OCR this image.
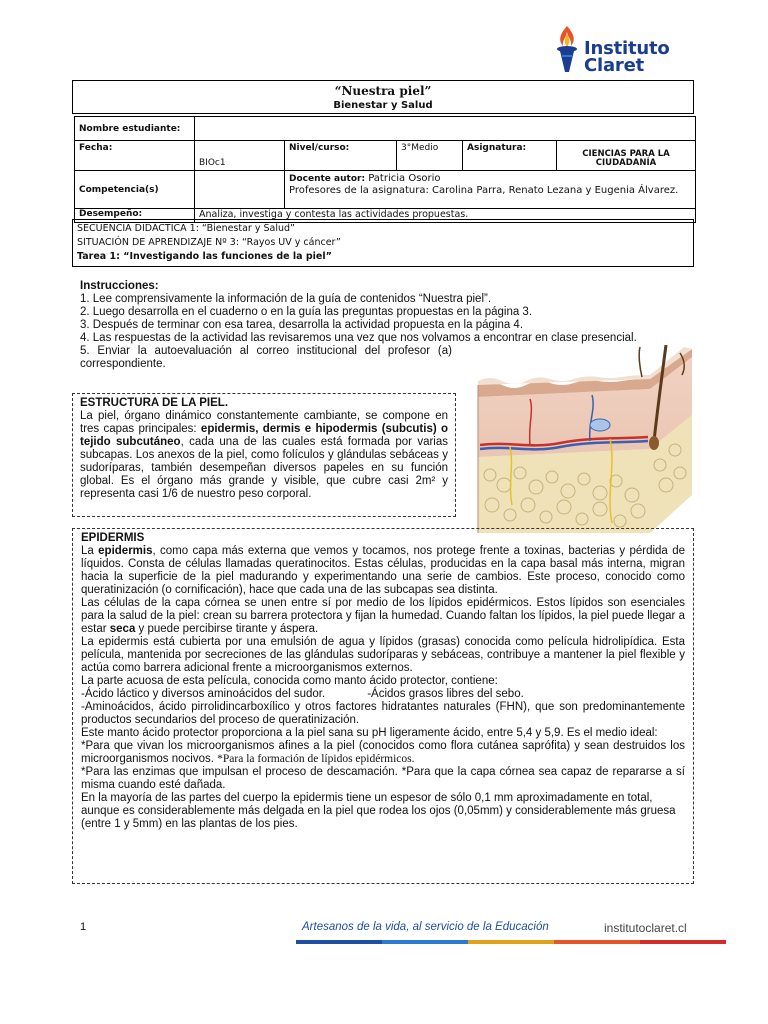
Instituto
Claret
“Nuestra piel”
Bienestar y Salud
Nombre estudiante:					
Fecha:	BIOc1	Nivel/curso:	3°Medio	Asignatura:	CIENCIAS PARA LA CIUDADANÍA
Competencia(s)		Docente autor: Patricia Osorio
Profesores de la asignatura: Carolina Parra, Renato Lezana y Eugenia Álvarez.			

Desempeño:	Analiza, investiga y contesta las actividades propuestas.				
SECUENCIA DIDÁCTICA 1: “Bienestar y Salud”
SITUACIÓN DE APRENDIZAJE Nº 3: “Rayos UV y cáncer”
Tarea 1: “Investigando las funciones de la piel”
Instrucciones:
1. Lee comprensivamente la información de la guía de contenidos “Nuestra piel”.
2. Luego desarrolla en el cuaderno o en la guía las preguntas propuestas en la página 3.
3. Después de terminar con esa tarea, desarrolla la actividad propuesta en la página 4.
4. Las respuestas de la actividad las revisaremos una vez que nos volvamos a encontrar en clase presencial.
5. Enviar la autoevaluación al correo institucional del profesor (a) correspondiente.
ESTRUCTURA DE LA PIEL.
La piel, órgano dinámico constantemente cambiante, se compone en tres capas principales: epidermis, dermis e hipodermis (subcutis) o tejido subcutáneo, cada una de las cuales está formada por varias subcapas. Los anexos de la piel, como folículos y glándulas sebáceas y sudoríparas, también desempeñan diversos papeles en su función global. Es el órgano más grande y visible, que cubre casi 2m² y representa casi 1/6 de nuestro peso corporal.

EPIDERMIS

La epidermis, como capa más externa que vemos y tocamos, nos protege frente a toxinas, bacterias y pérdida de líquidos. Consta de células llamadas queratinocitos. Estas células, producidas en la capa basal más interna, migran hacia la superficie de la piel madurando y experimentando una serie de cambios. Este proceso, conocido como queratinización (o cornificación), hace que cada una de las subcapas sea distinta.

Las células de la capa córnea se unen entre sí por medio de los lípidos epidérmicos. Estos lípidos son esenciales para la salud de la piel: crean su barrera protectora y fijan la humedad. Cuando faltan los lípidos, la piel puede llegar a estar seca y puede percibirse tirante y áspera.

La epidermis está cubierta por una emulsión de agua y lípidos (grasas) conocida como película hidrolipídica. Esta película, mantenida por secreciones de las glándulas sudoríparas y sebáceas, contribuye a mantener la piel flexible y actúa como barrera adicional frente a microorganismos externos.

La parte acuosa de esta película, conocida como manto ácido protector, contiene:

-Ácido láctico y diversos aminoácidos del sudor.	-Ácidos grasos libres del sebo.

-Aminoácidos, ácido pirrolidincarboxílico y otros factores hidratantes naturales (FHN), que son predominantemente productos secundarios del proceso de queratinización.

Este manto ácido protector proporciona a la piel sana su pH ligeramente ácido, entre 5,4 y 5,9. Es el medio ideal:

*Para que vivan los microorganismos afines a la piel (conocidos como flora cutánea saprófita) y sean destruidos los microorganismos nocivos. *Para la formación de lípidos epidérmicos.

*Para las enzimas que impulsan el proceso de descamación. *Para que la capa córnea sea capaz de repararse a sí misma cuando esté dañada.

En la mayoría de las partes del cuerpo la epidermis tiene un espesor de sólo 0,1 mm aproximadamente en total, aunque es considerablemente más delgada en la piel que rodea los ojos (0,05mm) y considerablemente más gruesa (entre 1 y 5mm) en las plantas de los pies.

1	Artesanos de la vida, al servicio de la Educación	institutoclaret.cl
